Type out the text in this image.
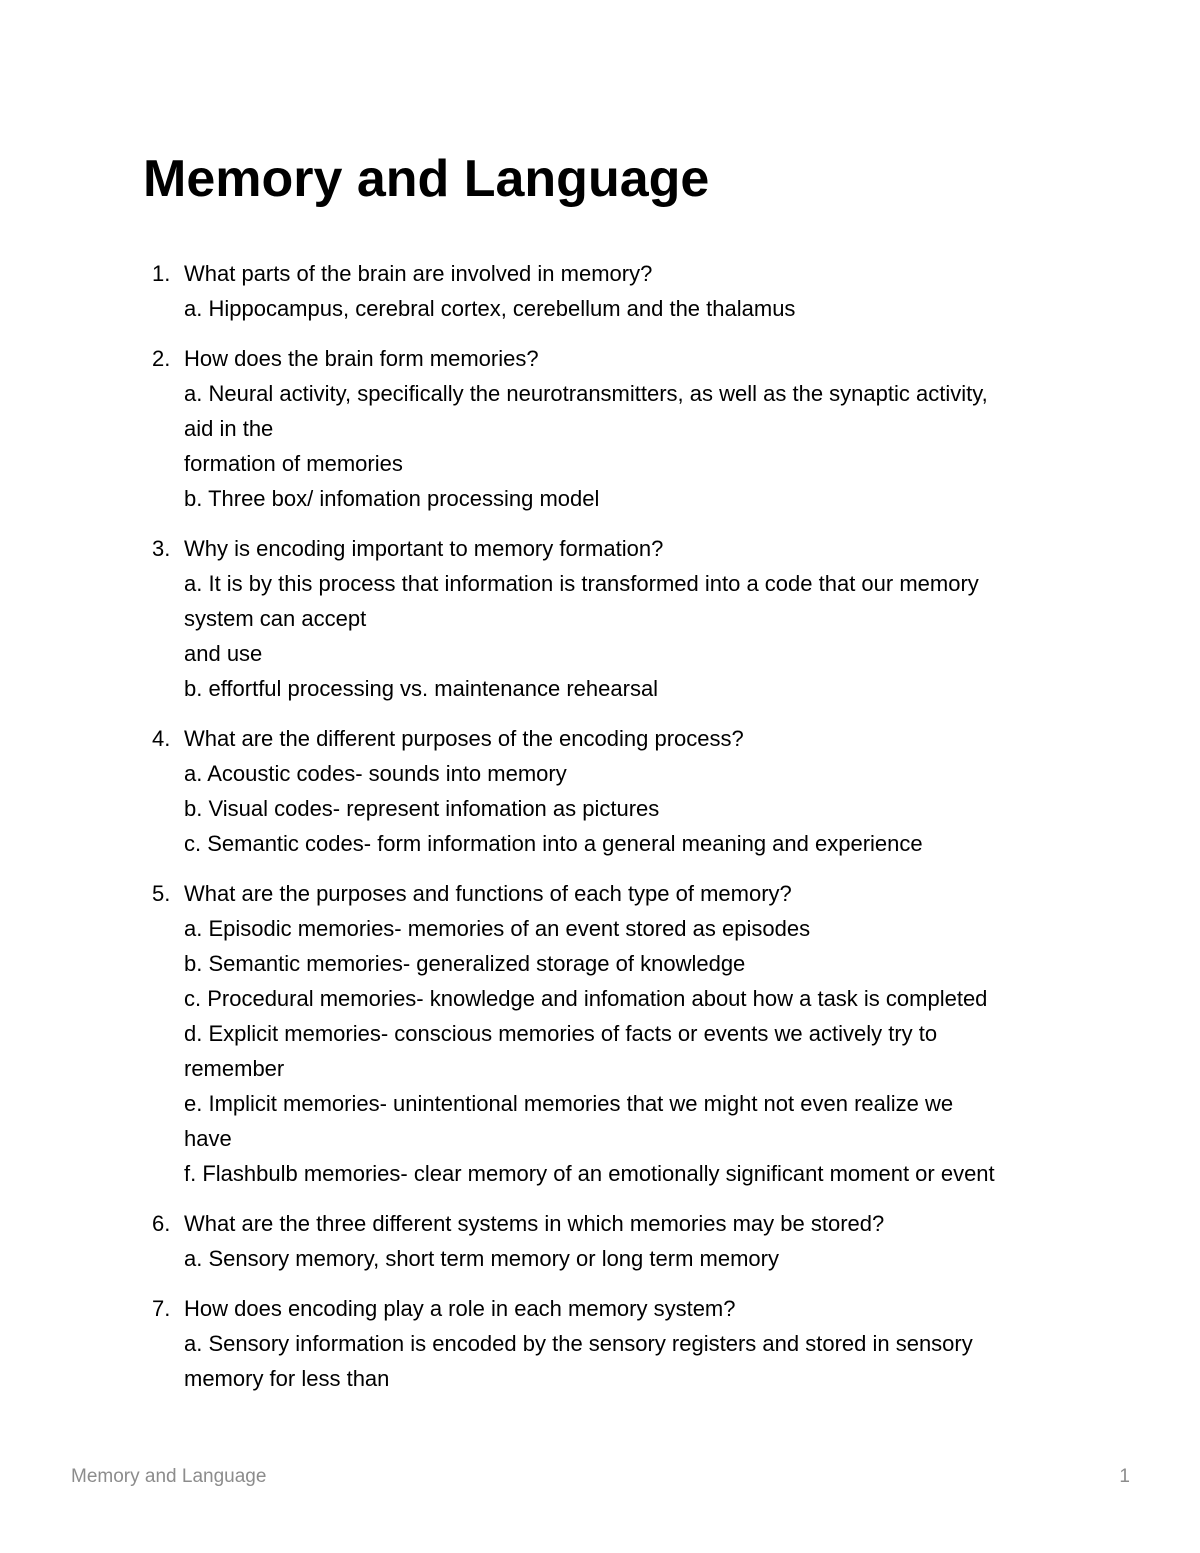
Memory and Language
1. What parts of the brain are involved in memory?
a. Hippocampus, cerebral cortex, cerebellum and the thalamus
2. How does the brain form memories?
a. Neural activity, specifically the neurotransmitters, as well as the synaptic activity,
aid in the
formation of memories
b. Three box/ infomation processing model
3. Why is encoding important to memory formation?
a. It is by this process that information is transformed into a code that our memory
system can accept
and use
b. effortful processing vs. maintenance rehearsal
4. What are the different purposes of the encoding process?
a. Acoustic codes- sounds into memory
b. Visual codes- represent infomation as pictures
c. Semantic codes- form information into a general meaning and experience
5. What are the purposes and functions of each type of memory?
a. Episodic memories- memories of an event stored as episodes
b. Semantic memories- generalized storage of knowledge
c. Procedural memories- knowledge and infomation about how a task is completed
d. Explicit memories- conscious memories of facts or events we actively try to
remember
e. Implicit memories- unintentional memories that we might not even realize we
have
f. Flashbulb memories- clear memory of an emotionally significant moment or event
6. What are the three different systems in which memories may be stored?
a. Sensory memory, short term memory or long term memory
7. How does encoding play a role in each memory system?
a. Sensory information is encoded by the sensory registers and stored in sensory
memory for less than
Memory and Language	1
